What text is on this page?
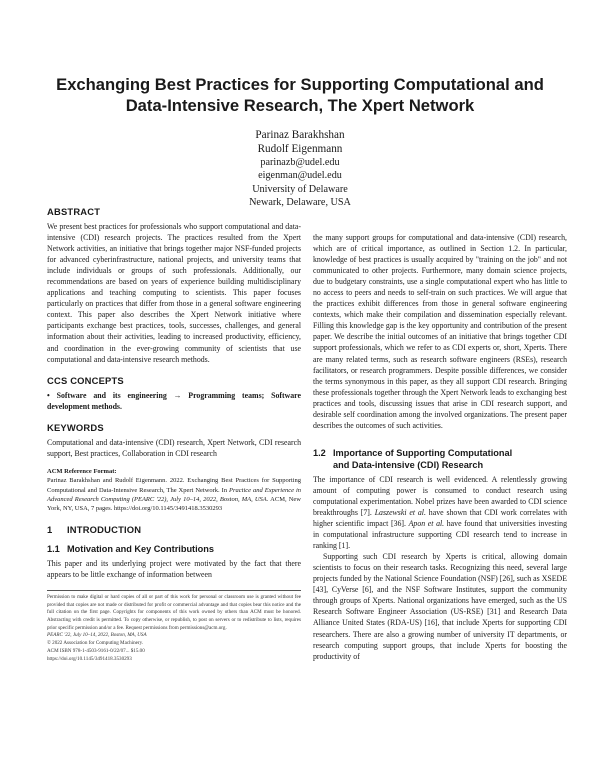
Exchanging Best Practices for Supporting Computational and
Data-Intensive Research, The Xpert Network
Parinaz Barakhshan
Rudolf Eigenmann
parinazb@udel.edu
eigenman@udel.edu
University of Delaware
Newark, Delaware, USA
ABSTRACT

We present best practices for professionals who support computational and data-intensive (CDI) research projects. The practices resulted from the Xpert Network activities, an initiative that brings together major NSF-funded projects for advanced cyberinfrastructure, national projects, and university teams that include individuals or groups of such professionals. Additionally, our recommendations are based on years of experience building multidisciplinary applications and teaching computing to scientists. This paper focuses particularly on practices that differ from those in a general software engineering context. This paper also describes the Xpert Network initiative where participants exchange best practices, tools, successes, challenges, and general information about their activities, leading to increased productivity, efficiency, and coordination in the ever-growing community of scientists that use computational and data-intensive research methods.

CCS CONCEPTS

• Software and its engineering → Programming teams; Software development methods.

KEYWORDS

Computational and data-intensive (CDI) research, Xpert Network, CDI research support, Best practices, Collaboration in CDI research

ACM Reference Format:

Parinaz Barakhshan and Rudolf Eigenmann. 2022. Exchanging Best Practices for Supporting Computational and Data-Intensive Research, The Xpert Network. In Practice and Experience in Advanced Research Computing (PEARC '22), July 10–14, 2022, Boston, MA, USA. ACM, New York, NY, USA, 7 pages. https://doi.org/10.1145/3491418.3530293

1	INTRODUCTION
1.1 Motivation and Key Contributions

This paper and its underlying project were motivated by the fact that there appears to be little exchange of information between

Permission to make digital or hard copies of all or part of this work for personal or classroom use is granted without fee provided that copies are not made or distributed for profit or commercial advantage and that copies bear this notice and the full citation on the first page. Copyrights for components of this work owned by others than ACM must be honored. Abstracting with credit is permitted. To copy otherwise, or republish, to post on servers or to redistribute to lists, requires prior specific permission and/or a fee. Request permissions from permissions@acm.org.

PEARC '22, July 10–14, 2022, Boston, MA, USA
© 2022 Association for Computing Machinery.
ACM ISBN 978-1-4503-9161-0/22/07... $15.00
https://doi.org/10.1145/3491418.3530293

the many support groups for computational and data-intensive (CDI) research, which are of critical importance, as outlined in Section 1.2. In particular, knowledge of best practices is usually acquired by "training on the job" and not communicated to other projects. Furthermore, many domain science projects, due to budgetary constraints, use a single computational expert who has little to no access to peers and needs to self-train on such practices. We will argue that the practices exhibit differences from those in general software engineering contexts, which make their compilation and dissemination especially relevant. Filling this knowledge gap is the key opportunity and contribution of the present paper. We describe the initial outcomes of an initiative that brings together CDI support professionals, which we refer to as CDI experts or, short, Xperts. There are many related terms, such as research software engineers (RSEs), research facilitators, or research programmers. Despite possible differences, we consider the terms synonymous in this paper, as they all support CDI research. Bringing these professionals together through the Xpert Network leads to exchanging best practices and tools, discussing issues that arise in CDI research support, and desirable self coordination among the involved organizations. The present paper describes the outcomes of such activities.

1.2 Importance of Supporting Computational
and Data-intensive (CDI) Research

The importance of CDI research is well evidenced. A relentlessly growing amount of computing power is consumed to conduct research using computational experimentation. Nobel prizes have been awarded to CDI science breakthroughs [7]. Laszewski et al. have shown that CDI work correlates with higher scientific impact [36]. Apon et al. have found that universities investing in computational infrastructure supporting CDI research tend to increase in ranking [1].

Supporting such CDI research by Xperts is critical, allowing domain scientists to focus on their research tasks. Recognizing this need, several large projects funded by the National Science Foundation (NSF) [26], such as XSEDE [43], CyVerse [6], and the NSF Software Institutes, support the community through groups of Xperts. National organizations have emerged, such as the US Research Software Engineer Association (US-RSE) [31] and Research Data Alliance United States (RDA-US) [16], that include Xperts for supporting CDI researchers. There are also a growing number of university IT departments, or research computing support groups, that include Xperts for boosting the productivity of
